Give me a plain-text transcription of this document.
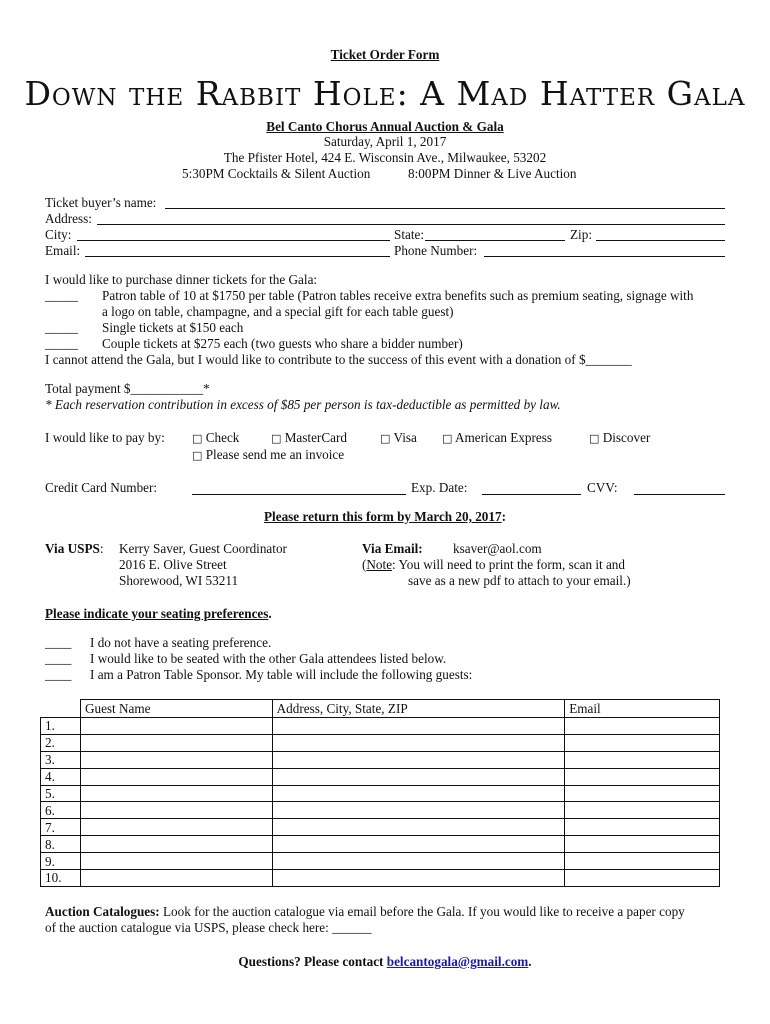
Ticket Order Form
Down the Rabbit Hole: A Mad Hatter Gala
Bel Canto Chorus Annual Auction & Gala
Saturday, April 1, 2017
The Pfister Hotel, 424 E. Wisconsin Ave., Milwaukee, 53202
5:30PM Cocktails & Silent Auction	8:00PM Dinner & Live Auction
Ticket buyer’s name:
Address:
City:	State:	Zip:
Email:	Phone Number:
I would like to purchase dinner tickets for the Gala:
_____ Patron table of 10 at $1750 per table (Patron tables receive extra benefits such as premium seating, signage with
a logo on table, champagne, and a special gift for each table guest)
_____ Single tickets at $150 each
_____ Couple tickets at $275 each (two guests who share a bidder number)
I cannot attend the Gala, but I would like to contribute to the success of this event with a donation of $_______
Total payment $___________*
* Each reservation contribution in excess of $85 per person is tax-deductible as permitted by law.
I would like to pay by: □ Check	□ MasterCard	□ Visa □ American Express	□ Discover
□ Please send me an invoice
Credit Card Number:	Exp. Date:	CVV:
Please return this form by March 20, 2017:
Via USPS: Kerry Saver, Guest Coordinator
2016 E. Olive Street
Shorewood, WI 53211
Via Email: ksaver@aol.com
(Note: You will need to print the form, scan it and
save as a new pdf to attach to your email.)
Please indicate your seating preferences.
____ I do not have a seating preference.
____ I would like to be seated with the other Gala attendees listed below.
____ I am a Patron Table Sponsor. My table will include the following guests:
	Guest Name	Address, City, State, ZIP	Email
1.			
2.			
3.			
4.			
5.			
6.			
7.			
8.			
9.			
10.			
Auction Catalogues: Look for the auction catalogue via email before the Gala. If you would like to receive a paper copy
of the auction catalogue via USPS, please check here: ______
Questions? Please contact belcantogala@gmail.com.
